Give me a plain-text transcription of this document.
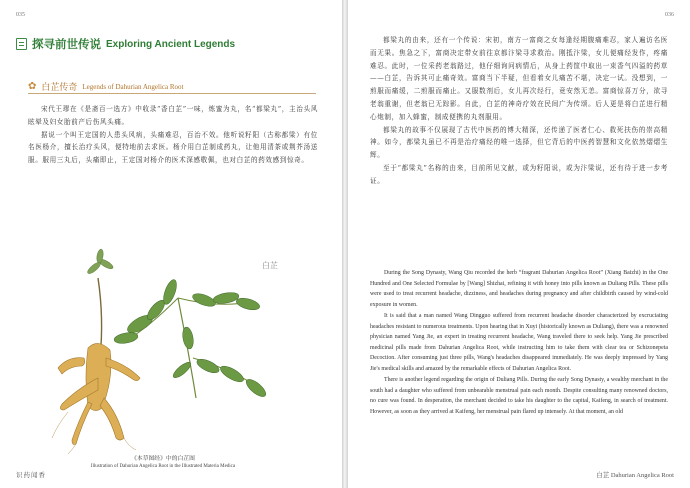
035
探寻前世传说 Exploring Ancient Legends
✿ 白芷传奇 Legends of Dahurian Angelica Root

宋代王璆在《是斋百一选方》中收录“香白芷”一味，炼蜜为丸，名“都梁丸”，主治头风眩晕及妇女胎前产后伤风头痛。

据说一个叫王定国的人患头风病，头痛难忍，百治不效。他听说籽阳（古称都梁）有位名医杨介，擅长治疗头风，便特地前去求医。杨介用白芷制成药丸，让他用清茶或荆芥汤送服。服用三丸后，头痛即止，王定国对杨介的医术深感敬佩，也对白芷的药效感到惊奇。

白芷
《本草图经》中的白芷图
Illustration of Dahurian Angelica Root in the Illustrated Materia Medica
识药闻香
036

都梁丸的由来，还有一个传说：宋初，南方一富商之女每逢经期腹痛难忍，家人遍访名医而无果。焦急之下，富商决定带女前往京都汴梁寻求救治。刚抵汴梁，女儿便痛经发作，疼痛难忍。此时，一位采药老翁路过，他仔细询问病情后，从身上药筐中取出一束香气四溢的药草——白芷，告诉其可止痛奇效。富商当下半疑，但看着女儿痛苦不堪，决定一试。没想到，一煎服而痛缓，二煎服而痛止。又服数剂后，女儿再次经行，竟安然无恙。富商惊喜万分，欲寻老翁重谢，但老翁已无踪影。自此，白芷的神奇疗效在民间广为传颂。后人更是将白芷进行精心炮制，加入蜂蜜，制成便携的丸剂服用。

都梁丸的故事不仅展现了古代中医药的博大精深，还传递了医者仁心、救死扶伤的崇高精神。如今，都梁丸虽已不再是治疗痛经的唯一选择，但它背后的中医药智慧和文化依然熠熠生辉。

至于“都梁丸”名称的由来，目前所见文献，或为籽阳说，或为汴梁说，还有待于进一步考证。

During the Song Dynasty, Wang Qiu recorded the herb “fragrant Dahurian Angelica Root” (Xiang Baizhi) in the One Hundred and One Selected Formulae by [Wang] Shizhai, refining it with honey into pills known as Duliang Pills. These pills were used to treat recurrent headache, dizziness, and headaches during pregnancy and after childbirth caused by wind-cold exposure in women.

It is said that a man named Wang Dingguo suffered from recurrent headache disorder characterized by excruciating headaches resistant to numerous treatments. Upon hearing that in Xuyi (historically known as Duliang), there was a renowned physician named Yang Jie, an expert in treating recurrent headache, Wang traveled there to seek help. Yang Jie prescribed medicinal pills made from Dahurian Angelica Root, while instructing him to take them with clear tea or Schizonepeta Decoction. After consuming just three pills, Wang's headaches disappeared immediately. He was deeply impressed by Yang Jie's medical skills and amazed by the remarkable effects of Dahurian Angelica Root.

There is another legend regarding the origin of Duliang Pills. During the early Song Dynasty, a wealthy merchant in the south had a daughter who suffered from unbearable menstrual pain each month. Despite consulting many renowned doctors, no cure was found. In desperation, the merchant decided to take his daughter to the capital, Kaifeng, in search of treatment. However, as soon as they arrived at Kaifeng, her menstrual pain flared up intensely. At that moment, an old

白芷 Dahurian Angelica Root
